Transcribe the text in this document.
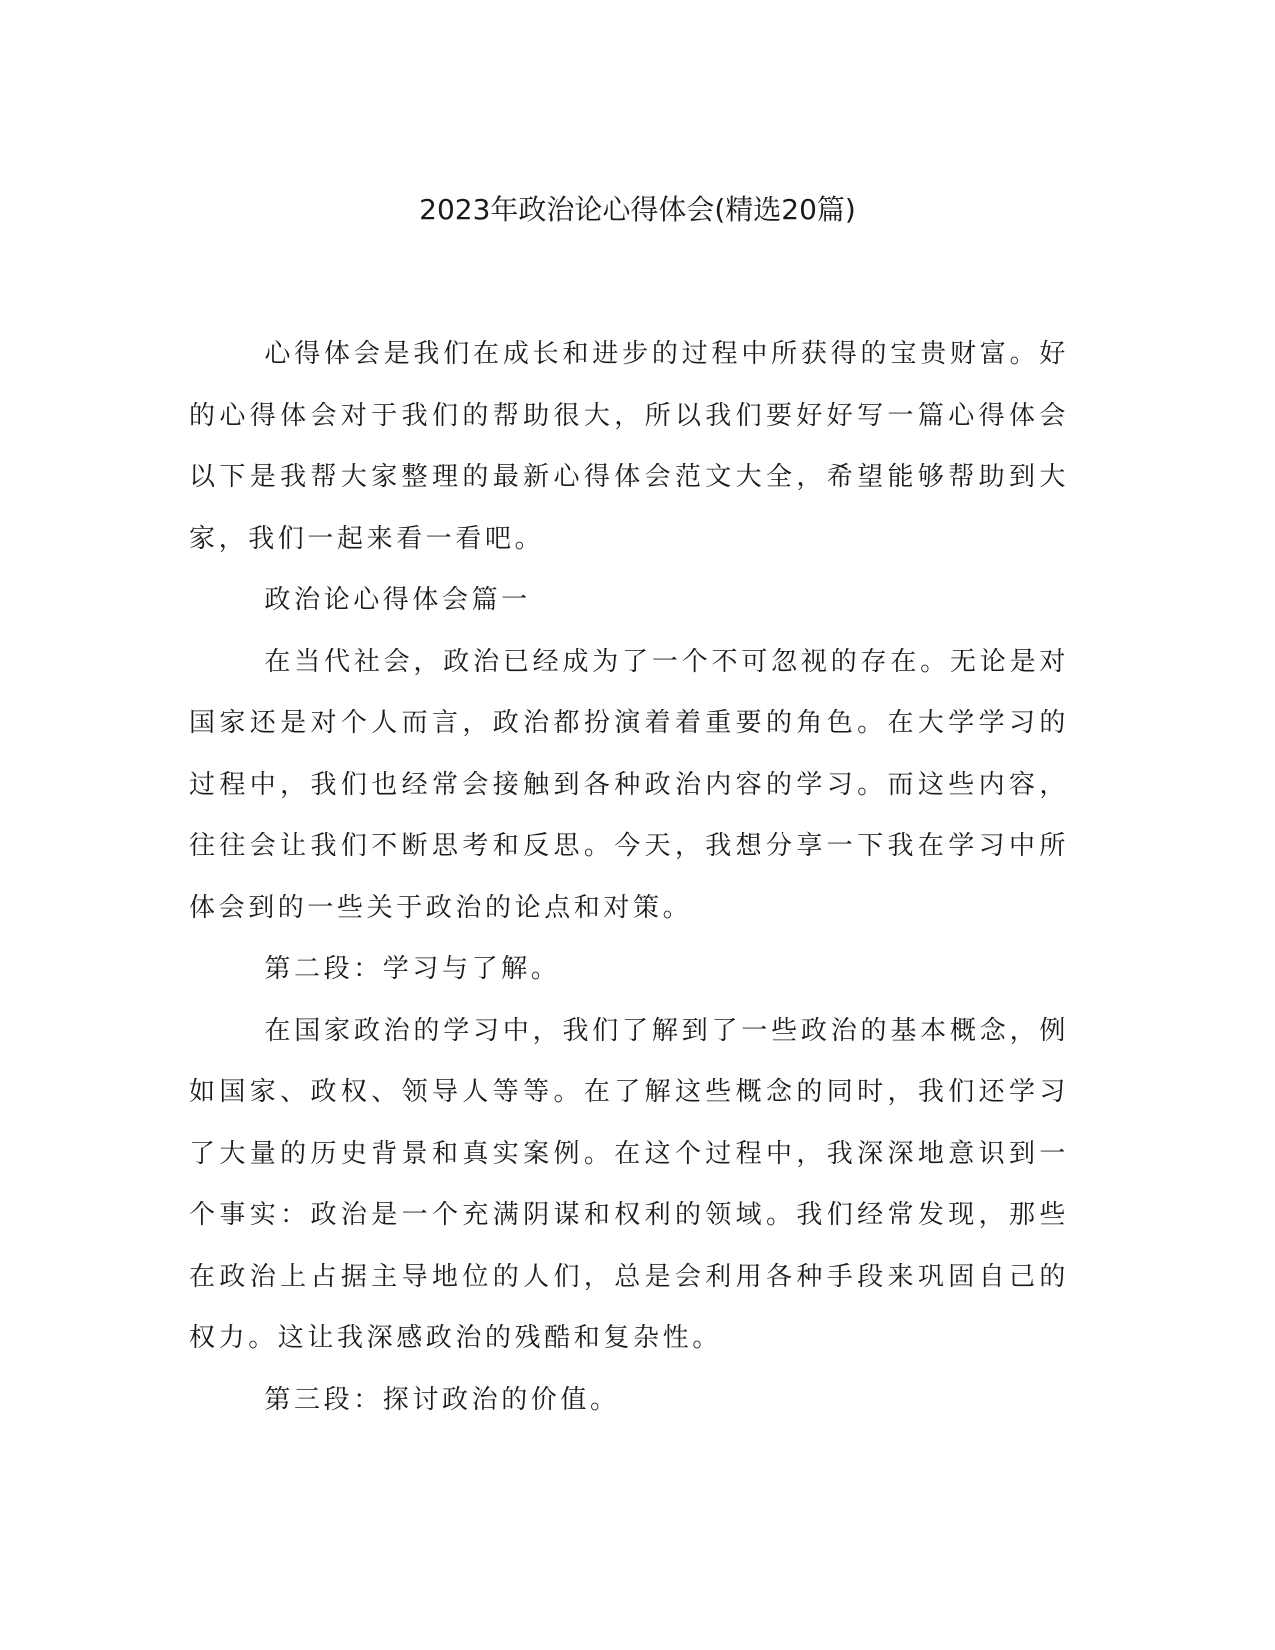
2023年政治论心得体会(精选20篇)

心得体会是我们在成长和进步的过程中所获得的宝贵财富。好的心得体会对于我们的帮助很大，所以我们要好好写一篇心得体会以下是我帮大家整理的最新心得体会范文大全，希望能够帮助到大家，我们一起来看一看吧。

政治论心得体会篇一

在当代社会，政治已经成为了一个不可忽视的存在。无论是对国家还是对个人而言，政治都扮演着着重要的角色。在大学学习的过程中，我们也经常会接触到各种政治内容的学习。而这些内容，往往会让我们不断思考和反思。今天，我想分享一下我在学习中所体会到的一些关于政治的论点和对策。

第二段：学习与了解。

在国家政治的学习中，我们了解到了一些政治的基本概念，例如国家、政权、领导人等等。在了解这些概念的同时，我们还学习了大量的历史背景和真实案例。在这个过程中，我深深地意识到一个事实：政治是一个充满阴谋和权利的领域。我们经常发现，那些在政治上占据主导地位的人们，总是会利用各种手段来巩固自己的权力。这让我深感政治的残酷和复杂性。

第三段：探讨政治的价值。
